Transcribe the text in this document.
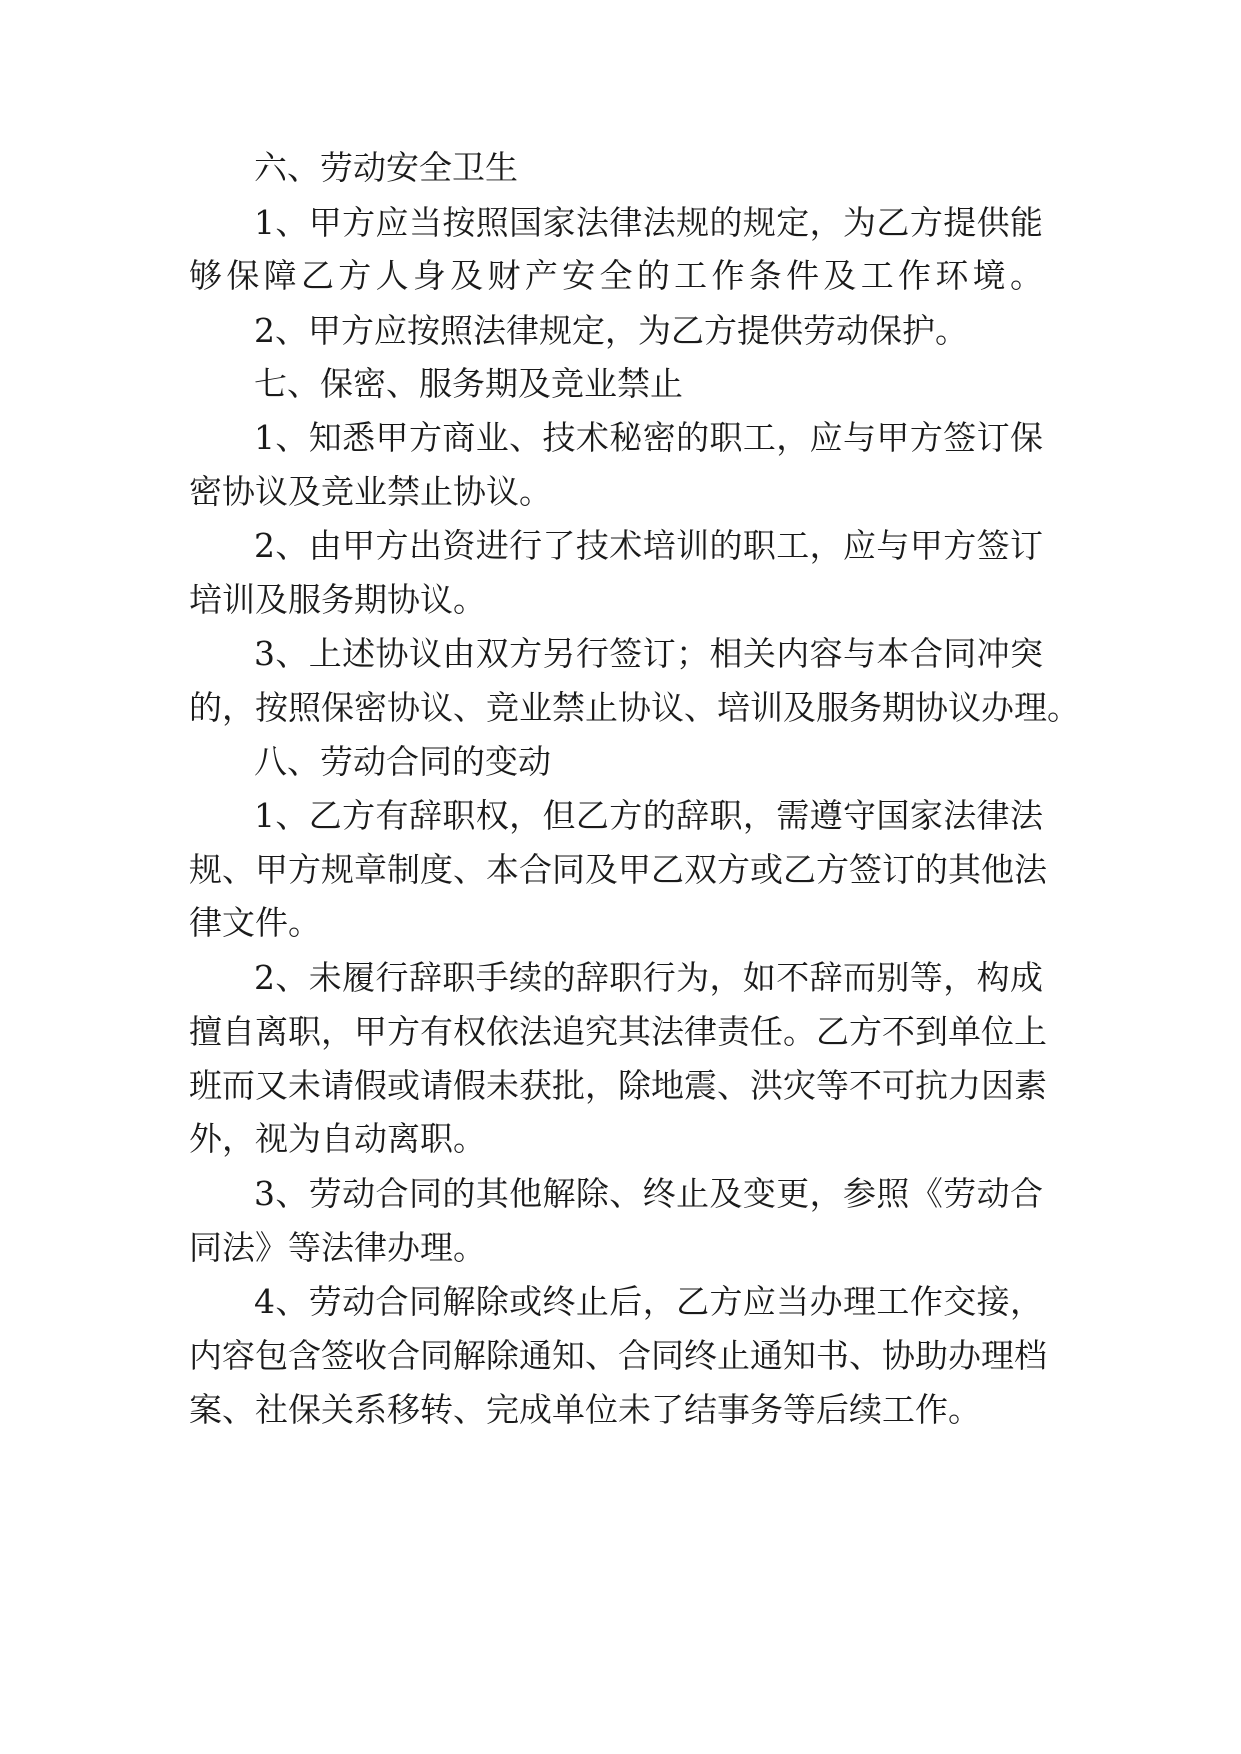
六、劳动安全卫生
1、甲方应当按照国家法律法规的规定，为乙方提供能
够保障乙方人身及财产安全的工作条件及工作环境。
2、甲方应按照法律规定，为乙方提供劳动保护。
七、保密、服务期及竞业禁止
1、知悉甲方商业、技术秘密的职工，应与甲方签订保
密协议及竞业禁止协议。
2、由甲方出资进行了技术培训的职工，应与甲方签订
培训及服务期协议。
3、上述协议由双方另行签订；相关内容与本合同冲突
的，按照保密协议、竞业禁止协议、培训及服务期协议办理。
八、劳动合同的变动
1、乙方有辞职权，但乙方的辞职，需遵守国家法律法
规、甲方规章制度、本合同及甲乙双方或乙方签订的其他法
律文件。
2、未履行辞职手续的辞职行为，如不辞而别等，构成
擅自离职，甲方有权依法追究其法律责任。乙方不到单位上
班而又未请假或请假未获批，除地震、洪灾等不可抗力因素
外，视为自动离职。
3、劳动合同的其他解除、终止及变更，参照《劳动合
同法》等法律办理。
4、劳动合同解除或终止后，乙方应当办理工作交接，
内容包含签收合同解除通知、合同终止通知书、协助办理档
案、社保关系移转、完成单位未了结事务等后续工作。
